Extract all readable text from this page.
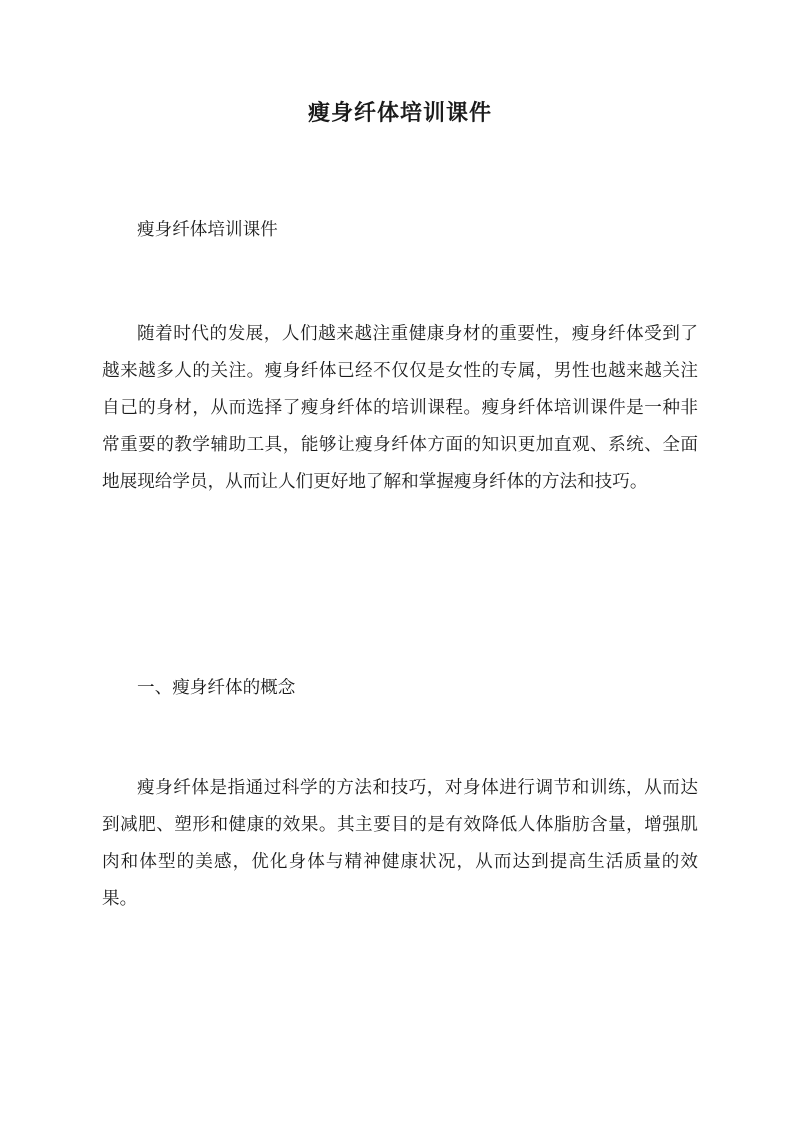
瘦身纤体培训课件

瘦身纤体培训课件

随着时代的发展，人们越来越注重健康身材的重要性，瘦身纤体受到了越来越多人的关注。瘦身纤体已经不仅仅是女性的专属，男性也越来越关注自己的身材，从而选择了瘦身纤体的培训课程。瘦身纤体培训课件是一种非常重要的教学辅助工具，能够让瘦身纤体方面的知识更加直观、系统、全面地展现给学员，从而让人们更好地了解和掌握瘦身纤体的方法和技巧。

一、瘦身纤体的概念

瘦身纤体是指通过科学的方法和技巧，对身体进行调节和训练，从而达到减肥、塑形和健康的效果。其主要目的是有效降低人体脂肪含量，增强肌肉和体型的美感，优化身体与精神健康状况，从而达到提高生活质量的效果。
